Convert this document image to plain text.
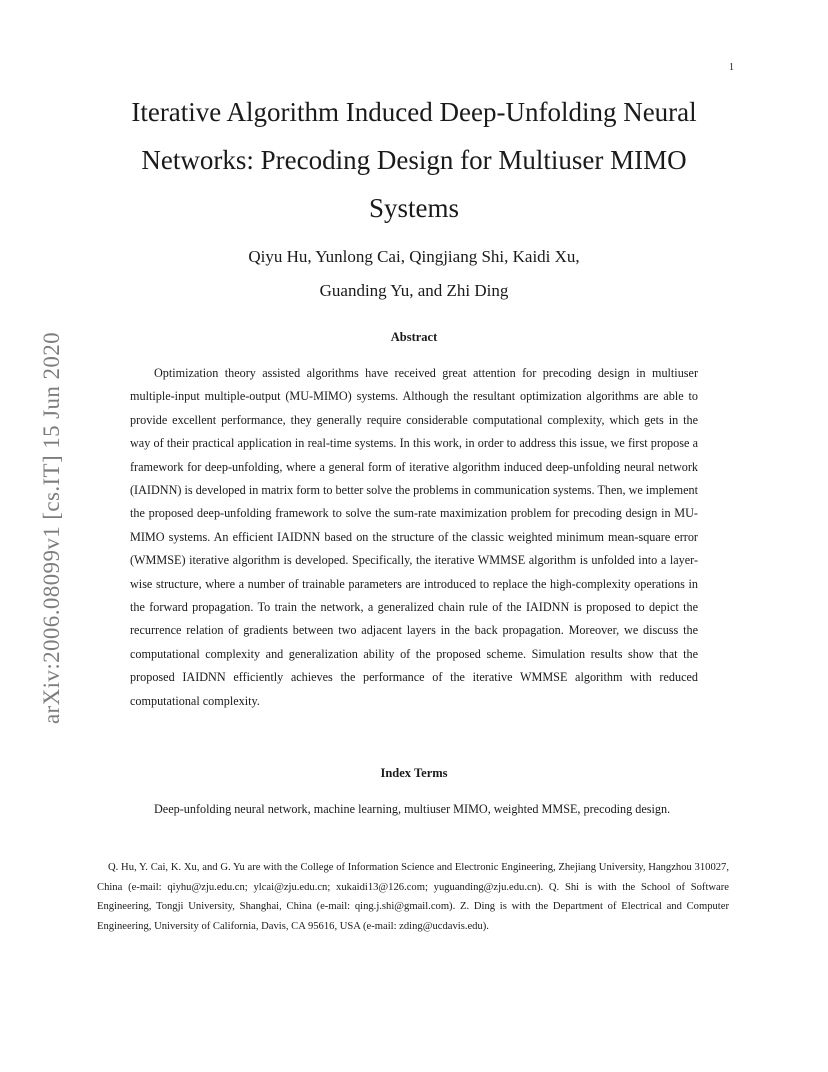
1
arXiv:2006.08099v1 [cs.IT] 15 Jun 2020
Iterative Algorithm Induced Deep-Unfolding Neural Networks: Precoding Design for Multiuser MIMO Systems
Qiyu Hu, Yunlong Cai, Qingjiang Shi, Kaidi Xu,
Guanding Yu, and Zhi Ding
Abstract

Optimization theory assisted algorithms have received great attention for precoding design in multiuser multiple-input multiple-output (MU-MIMO) systems. Although the resultant optimization algorithms are able to provide excellent performance, they generally require considerable computational complexity, which gets in the way of their practical application in real-time systems. In this work, in order to address this issue, we first propose a framework for deep-unfolding, where a general form of iterative algorithm induced deep-unfolding neural network (IAIDNN) is developed in matrix form to better solve the problems in communication systems. Then, we implement the proposed deep-unfolding framework to solve the sum-rate maximization problem for precoding design in MU-MIMO systems. An efficient IAIDNN based on the structure of the classic weighted minimum mean-square error (WMMSE) iterative algorithm is developed. Specifically, the iterative WMMSE algorithm is unfolded into a layer-wise structure, where a number of trainable parameters are introduced to replace the high-complexity operations in the forward propagation. To train the network, a generalized chain rule of the IAIDNN is proposed to depict the recurrence relation of gradients between two adjacent layers in the back propagation. Moreover, we discuss the computational complexity and generalization ability of the proposed scheme. Simulation results show that the proposed IAIDNN efficiently achieves the performance of the iterative WMMSE algorithm with reduced computational complexity.

Index Terms

Deep-unfolding neural network, machine learning, multiuser MIMO, weighted MMSE, precoding design.

Q. Hu, Y. Cai, K. Xu, and G. Yu are with the College of Information Science and Electronic Engineering, Zhejiang University, Hangzhou 310027, China (e-mail: qiyhu@zju.edu.cn; ylcai@zju.edu.cn; xukaidi13@126.com; yuguanding@zju.edu.cn). Q. Shi is with the School of Software Engineering, Tongji University, Shanghai, China (e-mail: qing.j.shi@gmail.com). Z. Ding is with the Department of Electrical and Computer Engineering, University of California, Davis, CA 95616, USA (e-mail: zding@ucdavis.edu).
